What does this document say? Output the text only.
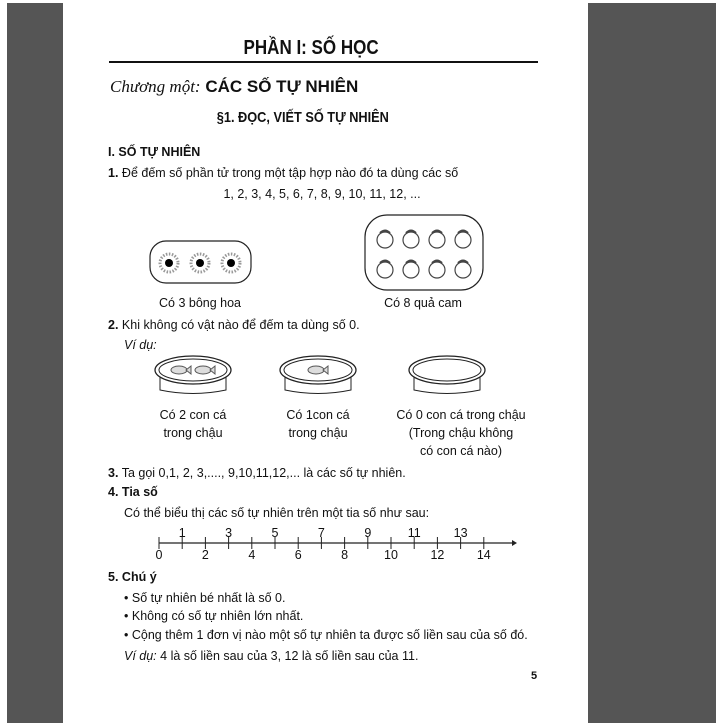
PHẦN I: SỐ HỌC
Chương một: CÁC SỐ TỰ NHIÊN
§1. ĐỌC, VIẾT SỐ TỰ NHIÊN
I. SỐ TỰ NHIÊN
1. Để đếm số phần tử trong một tập hợp nào đó ta dùng các số
1, 2, 3, 4, 5, 6, 7, 8, 9, 10, 11, 12, ...
Có 3 bông hoa	Có 8 quả cam
2. Khi không có vật nào để đếm ta dùng số 0.
Ví dụ:
Có 2 con cá
trong chậu
Có 1con cá
trong chậu
Có 0 con cá trong chậu
(Trong chậu không
có con cá nào)
3. Ta gọi 0,1, 2, 3,...., 9,10,11,12,... là các số tự nhiên.
4. Tia số
Có thể biểu thị các số tự nhiên trên một tia số như sau:
0
1
2
3
4
5
6
7
8
9
10
11
12
13
14
5. Chú ý
• Số tự nhiên bé nhất là số 0.
• Không có số tự nhiên lớn nhất.
• Cộng thêm 1 đơn vị nào một số tự nhiên ta được số liền sau của số đó.
Ví dụ: 4 là số liền sau của 3, 12 là số liền sau của 11.
5
